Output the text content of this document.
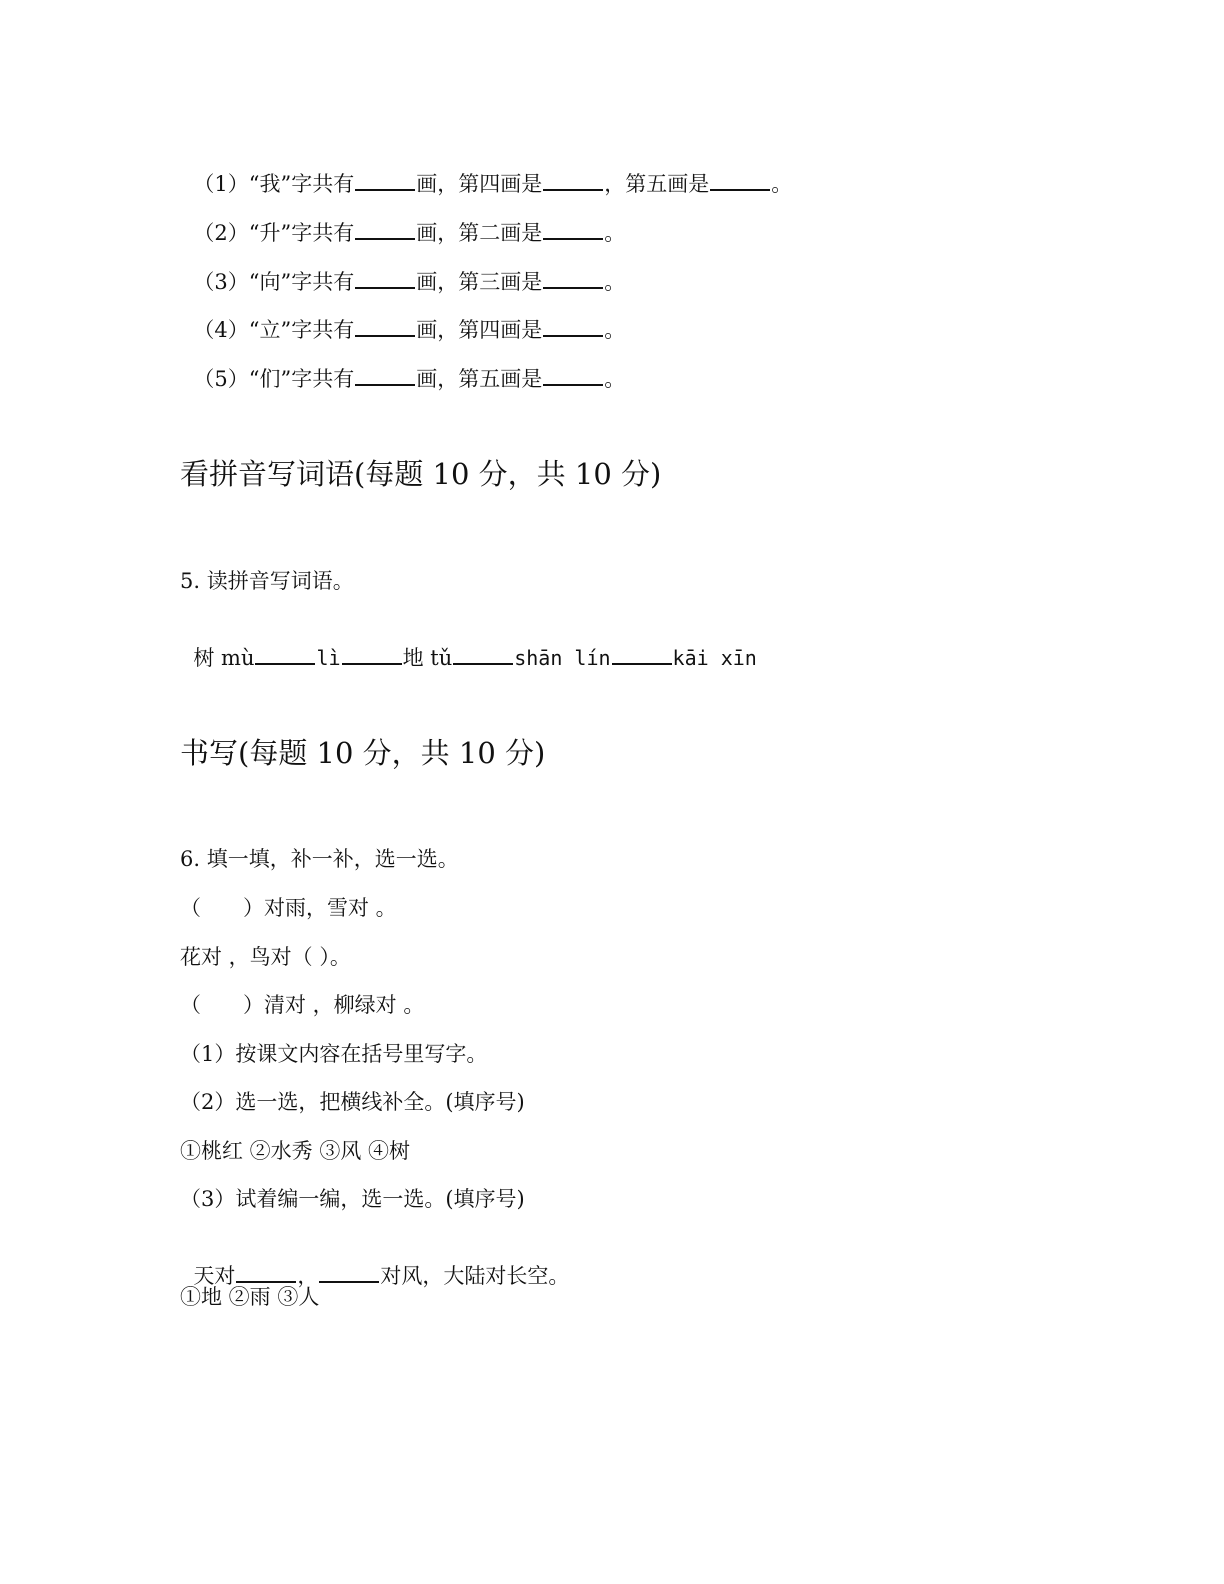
（1）“我”字共有	画，第四画是	，第五画是	。

（2）“升”字共有	画，第二画是	。

（3）“向”字共有	画，第三画是	。

（4）“立”字共有	画，第四画是	。

（5）“们”字共有	画，第五画是	。

看拼音写词语(每题 10 分，共 10 分)
5. 读拼音写词语。

树 mù	lì	地 tǔ	shān lín	kāi xīn

书写(每题 10 分，共 10 分)
6. 填一填，补一补，选一选。
（　　）对雨，雪对 。
花对 ，鸟对（ ）。
（　　）清对 ，柳绿对 。
（1）按课文内容在括号里写字。
（2）选一选，把横线补全。(填序号)
①桃红 ②水秀 ③风 ④树
（3）试着编一编，选一选。(填序号)

天对	，	对风，大陆对长空。

①地 ②雨 ③人
